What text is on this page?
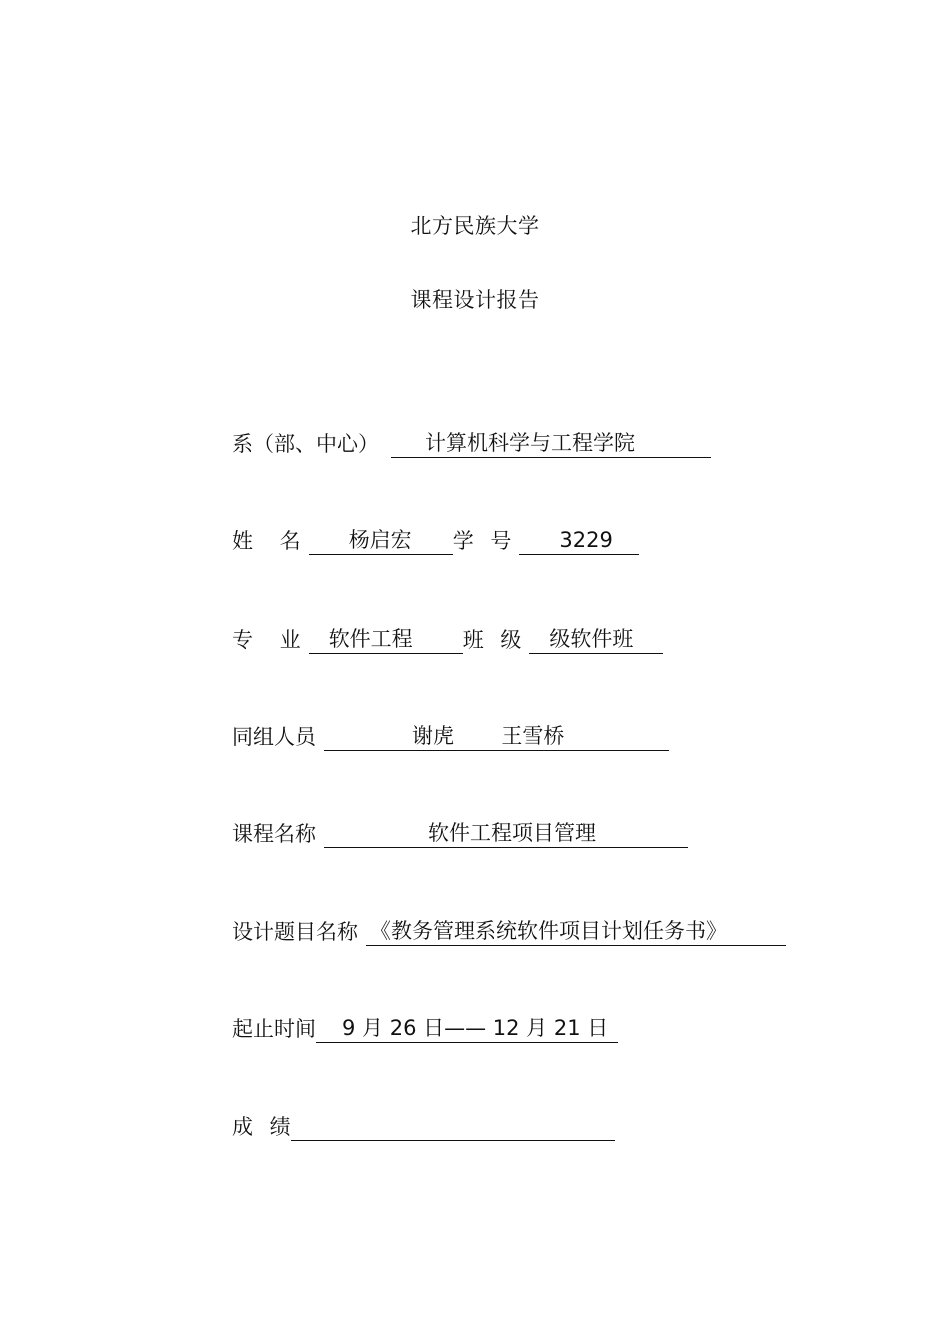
北方民族大学
课程设计报告
系（部、中心）	计算机科学与工程学院
姓 名	杨启宏	学 号	3229
专 业	软件工程	班 级	级软件班
同组人员	谢虎 王雪桥
课程名称	软件工程项目管理
设计题目名称 《教务管理系统软件项目计划任务书》
起止时间	9 月 26 日—— 12 月 21 日
成 绩
